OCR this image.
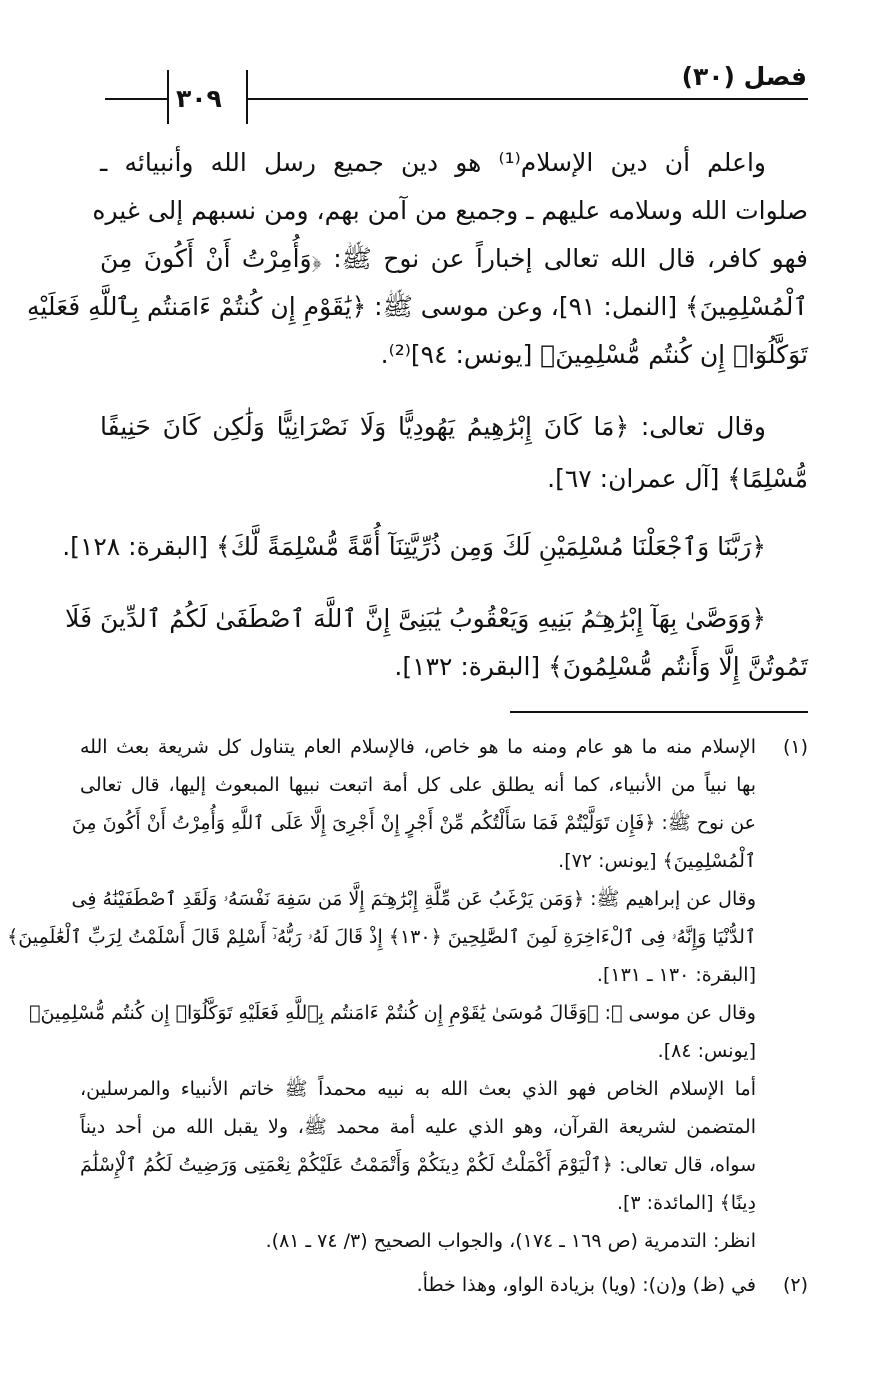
فصل (٣٠)
٣٠٩
واعلم أن دين الإسلام⁽¹⁾ هو دين جميع رسل الله وأنبيائه ـ
صلوات الله وسلامه عليهم ـ وجميع من آمن بهم، ومن نسبهم إلى غيره
فهو كافر، قال الله تعالى إخباراً عن نوح ﷺ: ﴿وَأُمِرْتُ أَنْ أَكُونَ مِنَ
ٱلْمُسْلِمِينَ﴾ [النمل: ٩١]، وعن موسى ﷺ: ﴿يَٰقَوْمِ إِن كُنتُمْ ءَامَنتُم بِٱللَّهِ فَعَلَيْهِ
تَوَكَّلُوٓا۟ إِن كُنتُم مُّسْلِمِينَ﴾ [يونس: ٩٤]⁽²⁾.
وقال تعالى: ﴿مَا كَانَ إِبْرَٰهِيمُ يَهُودِيًّا وَلَا نَصْرَانِيًّا وَلَٰكِن كَانَ حَنِيفًا
مُّسْلِمًا﴾ [آل عمران: ٦٧].
﴿رَبَّنَا وَٱجْعَلْنَا مُسْلِمَيْنِ لَكَ وَمِن ذُرِّيَّتِنَآ أُمَّةً مُّسْلِمَةً لَّكَ﴾ [البقرة: ١٢٨].
﴿وَوَصَّىٰ بِهَآ إِبْرَٰهِـۧمُ بَنِيهِ وَيَعْقُوبُ يَٰبَنِىَّ إِنَّ ٱللَّهَ ٱصْطَفَىٰ لَكُمُ ٱلدِّينَ فَلَا
تَمُوتُنَّ إِلَّا وَأَنتُم مُّسْلِمُونَ﴾ [البقرة: ١٣٢].
(١)
الإسلام منه ما هو عام ومنه ما هو خاص، فالإسلام العام يتناول كل شريعة بعث الله
بها نبياً من الأنبياء، كما أنه يطلق على كل أمة اتبعت نبيها المبعوث إليها، قال تعالى
عن نوح ﷺ: ﴿فَإِن تَوَلَّيْتُمْ فَمَا سَأَلْتُكُم مِّنْ أَجْرٍ إِنْ أَجْرِىَ إِلَّا عَلَى ٱللَّهِ وَأُمِرْتُ أَنْ أَكُونَ مِنَ
ٱلْمُسْلِمِينَ﴾ [يونس: ٧٢].
وقال عن إبراهيم ﷺ: ﴿وَمَن يَرْغَبُ عَن مِّلَّةِ إِبْرَٰهِـۧمَ إِلَّا مَن سَفِهَ نَفْسَهُۥ وَلَقَدِ ٱصْطَفَيْنَٰهُ فِى
ٱلدُّنْيَا وَإِنَّهُۥ فِى ٱلْءَاخِرَةِ لَمِنَ ٱلصَّٰلِحِينَ ﴿١٣٠﴾ إِذْ قَالَ لَهُۥ رَبُّهُۥٓ أَسْلِمْ قَالَ أَسْلَمْتُ لِرَبِّ ٱلْعَٰلَمِينَ﴾
[البقرة: ١٣٠ ـ ١٣١].
وقال عن موسى ﷺ: ﴿وَقَالَ مُوسَىٰ يَٰقَوْمِ إِن كُنتُمْ ءَامَنتُم بِٱللَّهِ فَعَلَيْهِ تَوَكَّلُوٓا۟ إِن كُنتُم مُّسْلِمِينَ﴾
[يونس: ٨٤].
أما الإسلام الخاص فهو الذي بعث الله به نبيه محمداً ﷺ خاتم الأنبياء والمرسلين،
المتضمن لشريعة القرآن، وهو الذي عليه أمة محمد ﷺ، ولا يقبل الله من أحد ديناً
سواه، قال تعالى: ﴿ٱلْيَوْمَ أَكْمَلْتُ لَكُمْ دِينَكُمْ وَأَتْمَمْتُ عَلَيْكُمْ نِعْمَتِى وَرَضِيتُ لَكُمُ ٱلْإِسْلَٰمَ
دِينًا﴾ [المائدة: ٣].
انظر: التدمرية (ص ١٦٩ ـ ١٧٤)، والجواب الصحيح (٣/ ٧٤ ـ ٨١).
(٢)
في (ظ) و(ن): (ويا) بزيادة الواو، وهذا خطأ.
